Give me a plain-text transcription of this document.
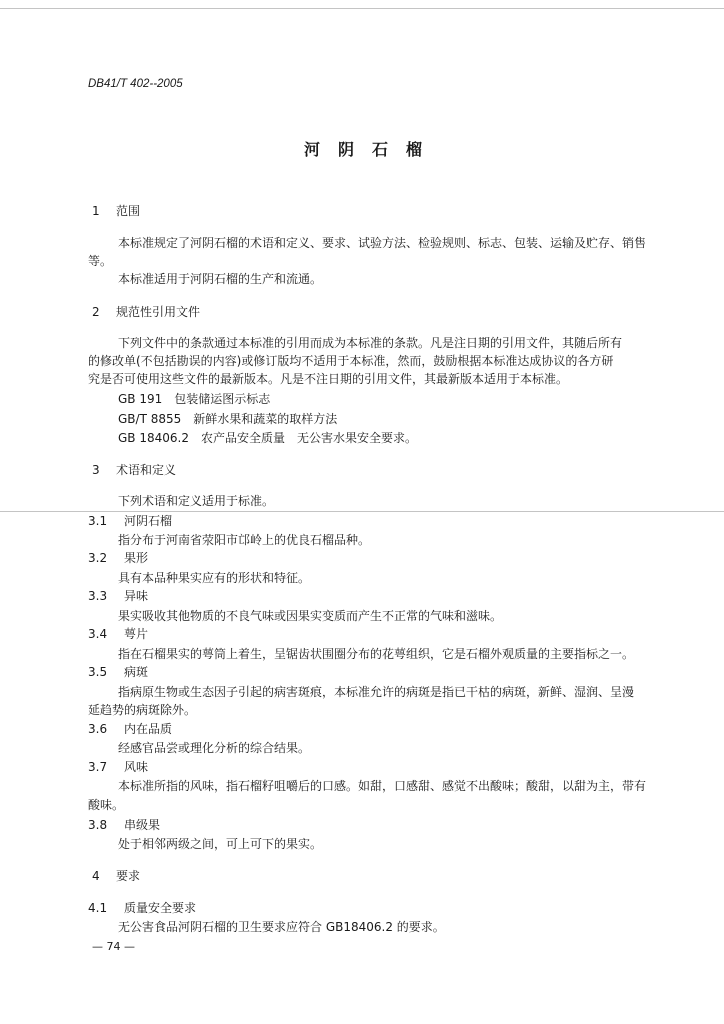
DB41/T 402--2005
河阴石榴
1 范围
本标准规定了河阴石榴的术语和定义、要求、试验方法、检验规则、标志、包装、运输及贮存、销售
等。
本标准适用于河阴石榴的生产和流通。
2 规范性引用文件
下列文件中的条款通过本标准的引用而成为本标准的条款。凡是注日期的引用文件，其随后所有
的修改单(不包括勘误的内容)或修订版均不适用于本标准，然而，鼓励根据本标准达成协议的各方研
究是否可使用这些文件的最新版本。凡是不注日期的引用文件，其最新版本适用于本标准。
GB 191　包装储运图示标志
GB/T 8855　新鲜水果和蔬菜的取样方法
GB 18406.2　农产品安全质量　无公害水果安全要求。
3 术语和定义
下列术语和定义适用于标准。
3.1 河阴石榴
指分布于河南省荥阳市邙岭上的优良石榴品种。
3.2 果形
具有本品种果实应有的形状和特征。
3.3 异味
果实吸收其他物质的不良气味或因果实变质而产生不正常的气味和滋味。
3.4 萼片
指在石榴果实的萼筒上着生，呈锯齿状围圈分布的花萼组织，它是石榴外观质量的主要指标之一。
3.5 病斑
指病原生物或生态因子引起的病害斑痕，本标准允许的病斑是指已干枯的病斑，新鲜、湿润、呈漫
延趋势的病斑除外。
3.6 内在品质
经感官品尝或理化分析的综合结果。
3.7 风味
本标准所指的风味，指石榴籽咀嚼后的口感。如甜，口感甜、感觉不出酸味；酸甜，以甜为主，带有
酸味。
3.8 串级果
处于相邻两级之间，可上可下的果实。
4 要求
4.1 质量安全要求
无公害食品河阴石榴的卫生要求应符合 GB18406.2 的要求。
— 74 —
